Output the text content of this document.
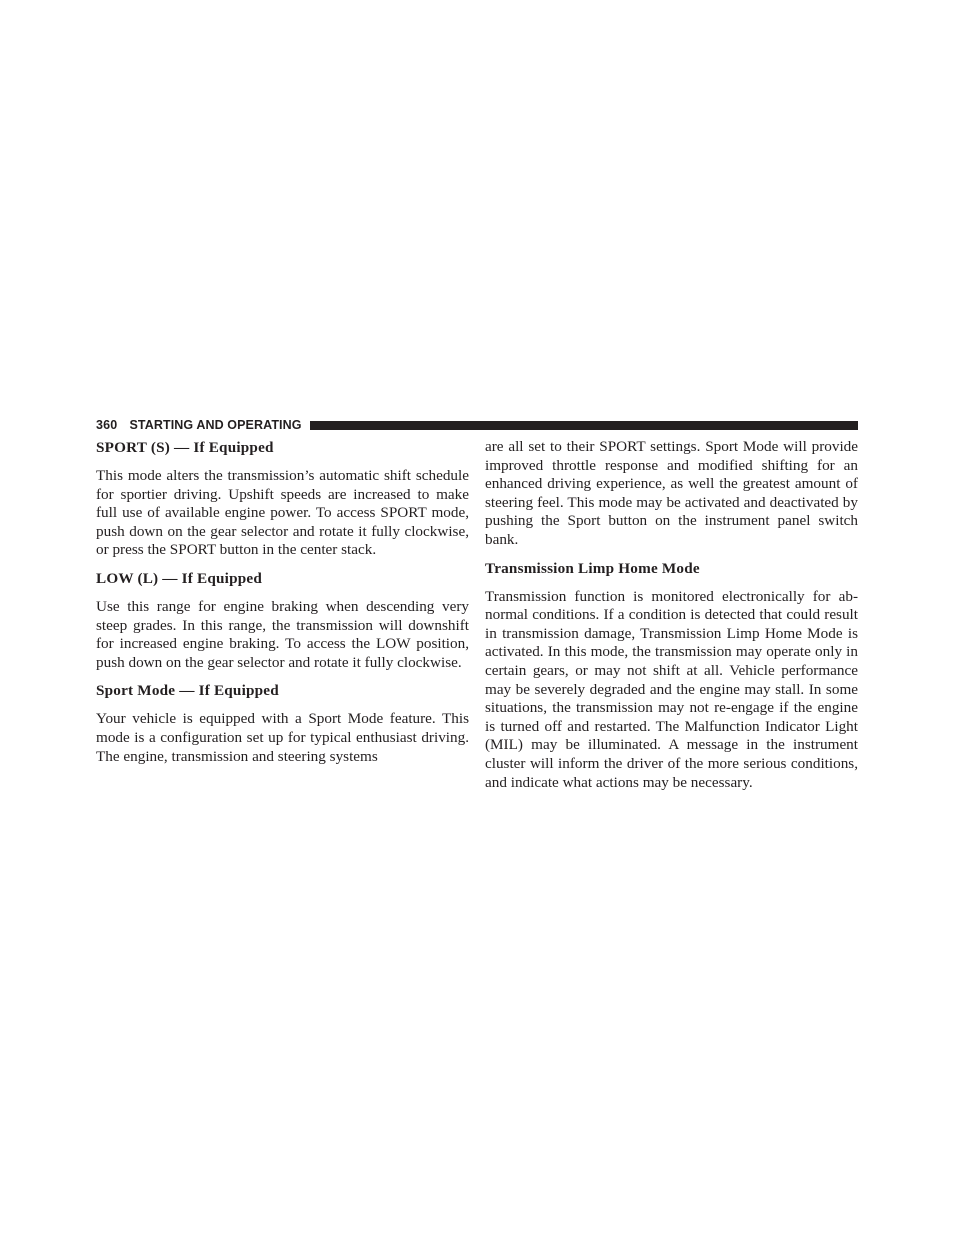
360 STARTING AND OPERATING
SPORT (S) — If Equipped

This mode alters the transmission’s automatic shift schedule for sportier driving. Upshift speeds are increased to make full use of available engine power. To access SPORT mode, push down on the gear selector and rotate it fully clockwise, or press the SPORT button in the center stack.

LOW (L) — If Equipped

Use this range for engine braking when descending very steep grades. In this range, the transmission will downshift for increased engine braking. To access the LOW position, push down on the gear selector and rotate it fully clockwise.

Sport Mode — If Equipped

Your vehicle is equipped with a Sport Mode feature. This mode is a configuration set up for typical enthusiast driving. The engine, transmission and steering systems

are all set to their SPORT settings. Sport Mode will provide improved throttle response and modified shifting for an enhanced driving experience, as well the greatest amount of steering feel. This mode may be activated and deactivated by pushing the Sport button on the instrument panel switch bank.

Transmission Limp Home Mode

Transmission function is monitored electronically for abnormal conditions. If a condition is detected that could result in transmission damage, Transmission Limp Home Mode is activated. In this mode, the transmission may operate only in certain gears, or may not shift at all. Vehicle performance may be severely degraded and the engine may stall. In some situations, the transmission may not re-engage if the engine is turned off and restarted. The Malfunction Indicator Light (MIL) may be illuminated. A message in the instrument cluster will inform the driver of the more serious conditions, and indicate what actions may be necessary.
